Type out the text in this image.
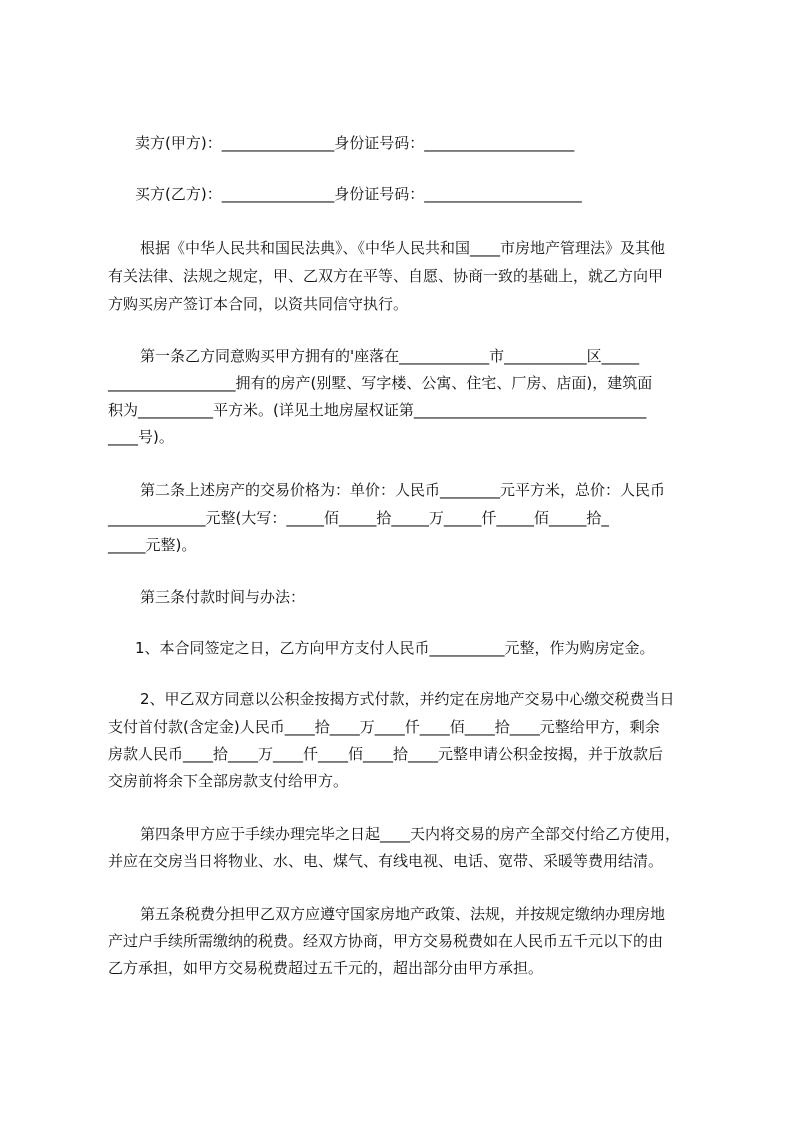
卖方(甲方)：_______________身份证号码：____________________
买方(乙方)：_______________身份证号码：_____________________
根据《中华人民共和国民法典》、《中华人民共和国____市房地产管理法》及其他
有关法律、法规之规定，甲、乙双方在平等、自愿、协商一致的基础上，就乙方向甲
方购买房产签订本合同，以资共同信守执行。
第一条乙方同意购买甲方拥有的'座落在____________市___________区_____
_________________拥有的房产(别墅、写字楼、公寓、住宅、厂房、店面)，建筑面
积为__________平方米。(详见土地房屋权证第_______________________________
____号)。
第二条上述房产的交易价格为：单价：人民币________元平方米，总价：人民币
_____________元整(大写：_____佰_____拾_____万_____仟_____佰_____拾_
_____元整)。
第三条付款时间与办法：
1、本合同签定之日，乙方向甲方支付人民币__________元整，作为购房定金。
2、甲乙双方同意以公积金按揭方式付款，并约定在房地产交易中心缴交税费当日
支付首付款(含定金)人民币____拾____万____仟____佰____拾____元整给甲方，剩余
房款人民币____拾____万____仟____佰____拾____元整申请公积金按揭，并于放款后
交房前将余下全部房款支付给甲方。
第四条甲方应于手续办理完毕之日起____天内将交易的房产全部交付给乙方使用，
并应在交房当日将物业、水、电、煤气、有线电视、电话、宽带、采暖等费用结清。
第五条税费分担甲乙双方应遵守国家房地产政策、法规，并按规定缴纳办理房地
产过户手续所需缴纳的税费。经双方协商，甲方交易税费如在人民币五千元以下的由
乙方承担，如甲方交易税费超过五千元的，超出部分由甲方承担。
